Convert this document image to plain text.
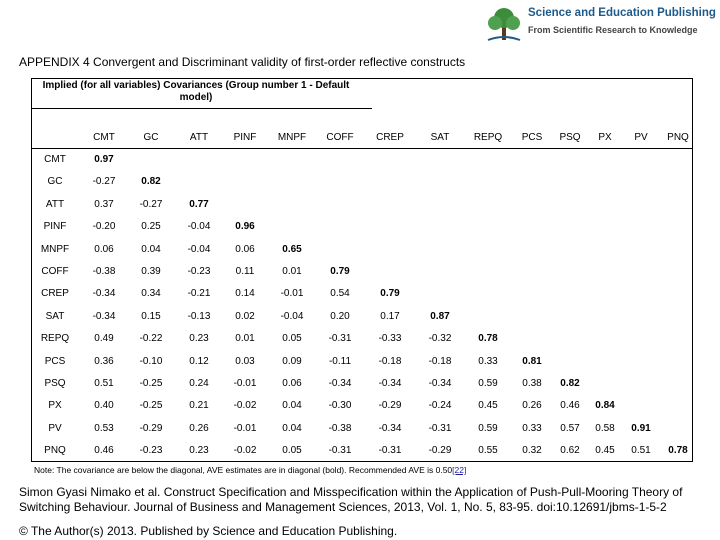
Science and Education Publishing
From Scientific Research to Knowledge
APPENDIX 4 Convergent and Discriminant validity of first-order reflective constructs
Implied (for all variables) Covariances (Group number 1 - Default model)
CMT	GC	ATT	PINF MNPF COFF CREP	SAT REPQ PCS PSQ PX PV PNQ
CMT	0.97
GC	-0.27	0.82
ATT	0.37	-0.27	0.77
PINF	-0.20	0.25	-0.04 0.96
MNPF	0.06	0.04	-0.04 0.06	0.65
COFF -0.38	0.39	-0.23	0.11	0.01	0.79
CREP -0.34	0.34	-0.21 0.14	-0.01	0.54	0.79
SAT	-0.34	0.15	-0.13 0.02	-0.04	0.20	0.17	0.87
REPQ	0.49	-0.22	0.23	0.01	0.05	-0.31	-0.33	-0.32	0.78
PCS	0.36	-0.10	0.12	0.03	0.09	-0.11	-0.18	-0.18	0.33 0.81
PSQ	0.51	-0.25	0.24 -0.01	0.06	-0.34	-0.34	-0.34	0.59 0.38 0.82
PX	0.40	-0.25	0.21 -0.02	0.04	-0.30	-0.29	-0.24	0.45 0.26 0.46 0.84
PV	0.53	-0.29	0.26 -0.01	0.04	-0.38	-0.34	-0.31	0.59 0.33 0.57 0.58 0.91
PNQ	0.46	-0.23	0.23 -0.02	0.05	-0.31	-0.31	-0.29	0.55 0.32 0.62 0.45 0.51 0.78
Note: The covariance are below the diagonal, AVE estimates are in diagonal (bold). Recommended AVE is 0.50[22]
Simon Gyasi Nimako et al. Construct Specification and Misspecification within the Application of Push-Pull-Mooring Theory of Switching Behaviour. Journal of Business and Management Sciences, 2013, Vol. 1, No. 5, 83-95. doi:10.12691/jbms-1-5-2
© The Author(s) 2013. Published by Science and Education Publishing.
